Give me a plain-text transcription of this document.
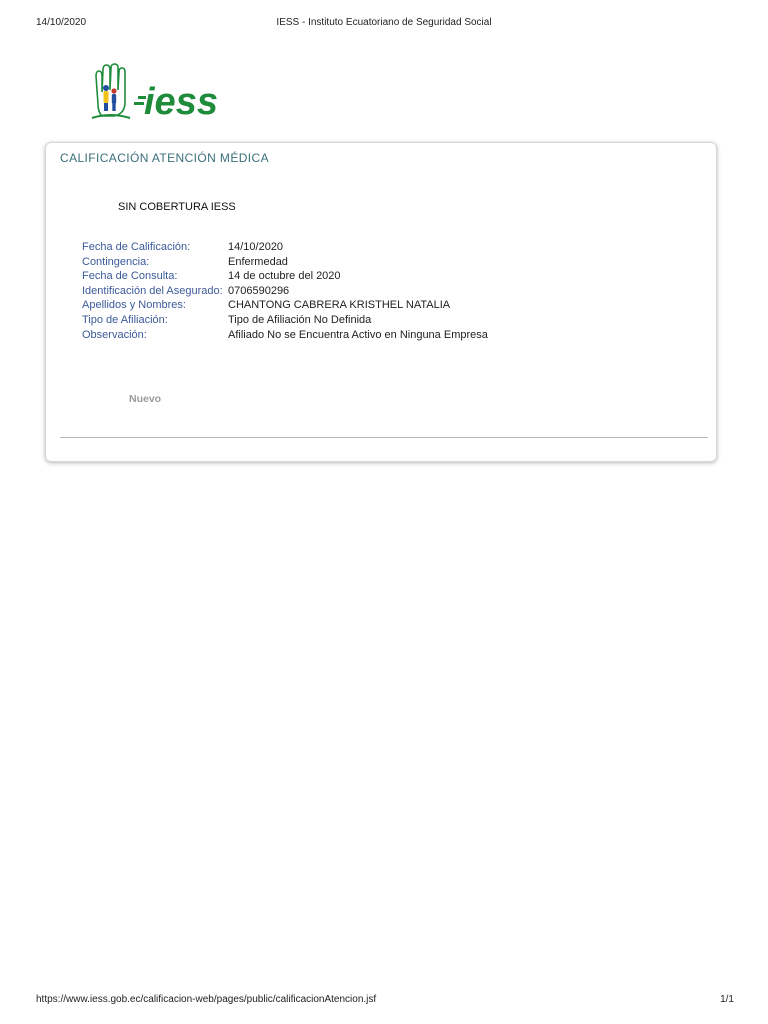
14/10/2020	IESS - Instituto Ecuatoriano de Seguridad Social
iess
CALIFICACIÓN ATENCIÓN MÉDICA
SIN COBERTURA IESS
Fecha de Calificación:	14/10/2020
Contingencia:	Enfermedad
Fecha de Consulta:	14 de octubre del 2020
Identificación del Asegurado: 0706590296
Apellidos y Nombres:	CHANTONG CABRERA KRISTHEL NATALIA
Tipo de Afiliación:	Tipo de Afiliación No Definida
Observación:	Afiliado No se Encuentra Activo en Ninguna Empresa
Nuevo
https://www.iess.gob.ec/calificacion-web/pages/public/calificacionAtencion.jsf	1/1
